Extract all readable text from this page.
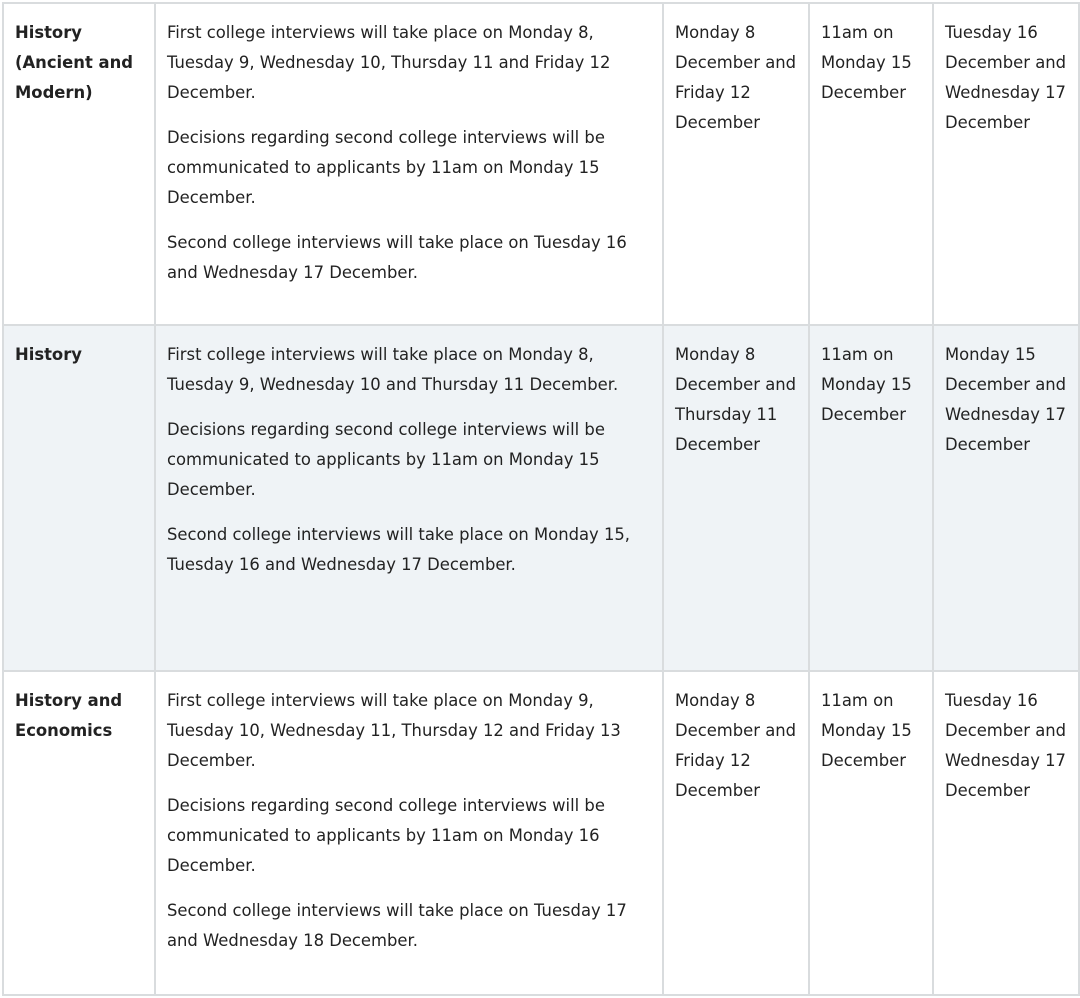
History (Ancient and Modern)	First college interviews will take place on Monday 8, Tuesday 9, Wednesday 10, Thursday 11 and Friday 12 December.

Decisions regarding second college interviews will be communicated to applicants by 11am on Monday 15 December.

Second college interviews will take place on Tuesday 16 and Wednesday 17 December.	Monday 8 December and Friday 12 December	11am on Monday 15 December	Tuesday 16 December and Wednesday 17 December
History	First college interviews will take place on Monday 8, Tuesday 9, Wednesday 10 and Thursday 11 December.

Decisions regarding second college interviews will be communicated to applicants by 11am on Monday 15 December.

Second college interviews will take place on Monday 15, Tuesday 16 and Wednesday 17 December.	Monday 8 December and Thursday 11 December	11am on Monday 15 December	Monday 15 December and Wednesday 17 December
History and Economics	First college interviews will take place on Monday 9, Tuesday 10, Wednesday 11, Thursday 12 and Friday 13 December.

Decisions regarding second college interviews will be communicated to applicants by 11am on Monday 16 December.

Second college interviews will take place on Tuesday 17 and Wednesday 18 December.	Monday 8 December and Friday 12 December	11am on Monday 15 December	Tuesday 16 December and Wednesday 17 December
